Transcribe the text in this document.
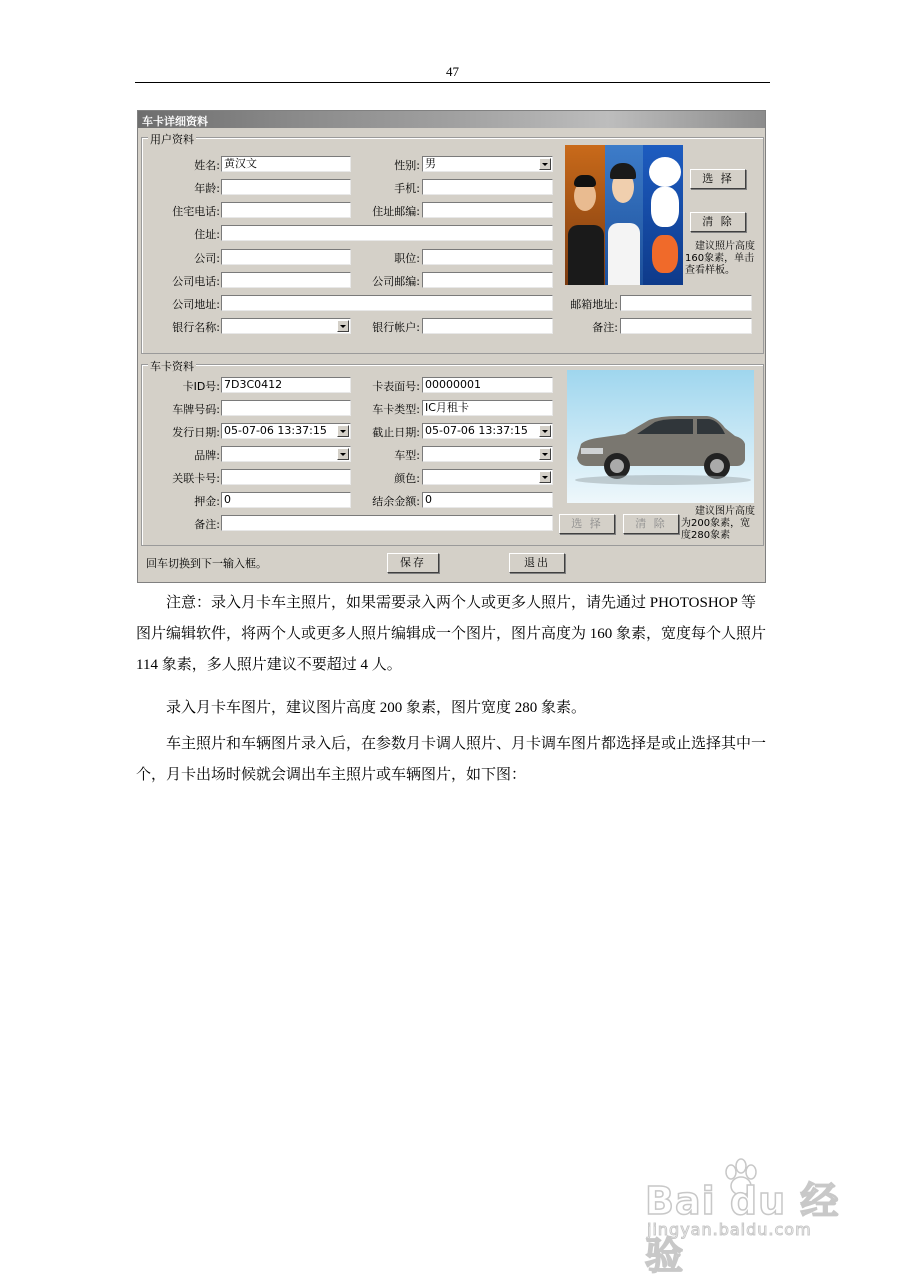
47
车卡详细资料
用户资料
姓名: 黄汉文	性别: 男
年龄:	手机:
住宅电话:	住址邮编:
住址:
公司:	职位:
公司电话:	公司邮编:
公司地址:	邮箱地址:
银行名称:	银行帐户:	备注:
选 择
清 除
建议照片高度
160象素，单击
查看样板。
车卡资料
卡ID号: 7D3C0412	卡表面号: 00000001
车牌号码:	车卡类型: IC月租卡
发行日期: 05-07-06 13:37:15	截止日期: 05-07-06 13:37:15
品牌:	车型:
关联卡号:	颜色:
押金: 0	结余金额: 0
备注:	选 择	清 除
建议图片高度
为200象素，宽
度280象素
回车切换到下一输入框。	保存	退出
注意：录入月卡车主照片，如果需要录入两个人或更多人照片，请先通过 PHOTOSHOP 等图片编辑软件，将两个人或更多人照片编辑成一个图片，图片高度为 160 象素，宽度每个人照片 114 象素，多人照片建议不要超过 4 人。
录入月卡车图片，建议图片高度 200 象素，图片宽度 280 象素。
车主照片和车辆图片录入后，在参数月卡调人照片、月卡调车图片都选择是或止选择其中一个，月卡出场时候就会调出车主照片或车辆图片，如下图：
Bai du 经验
jingyan.baidu.com
